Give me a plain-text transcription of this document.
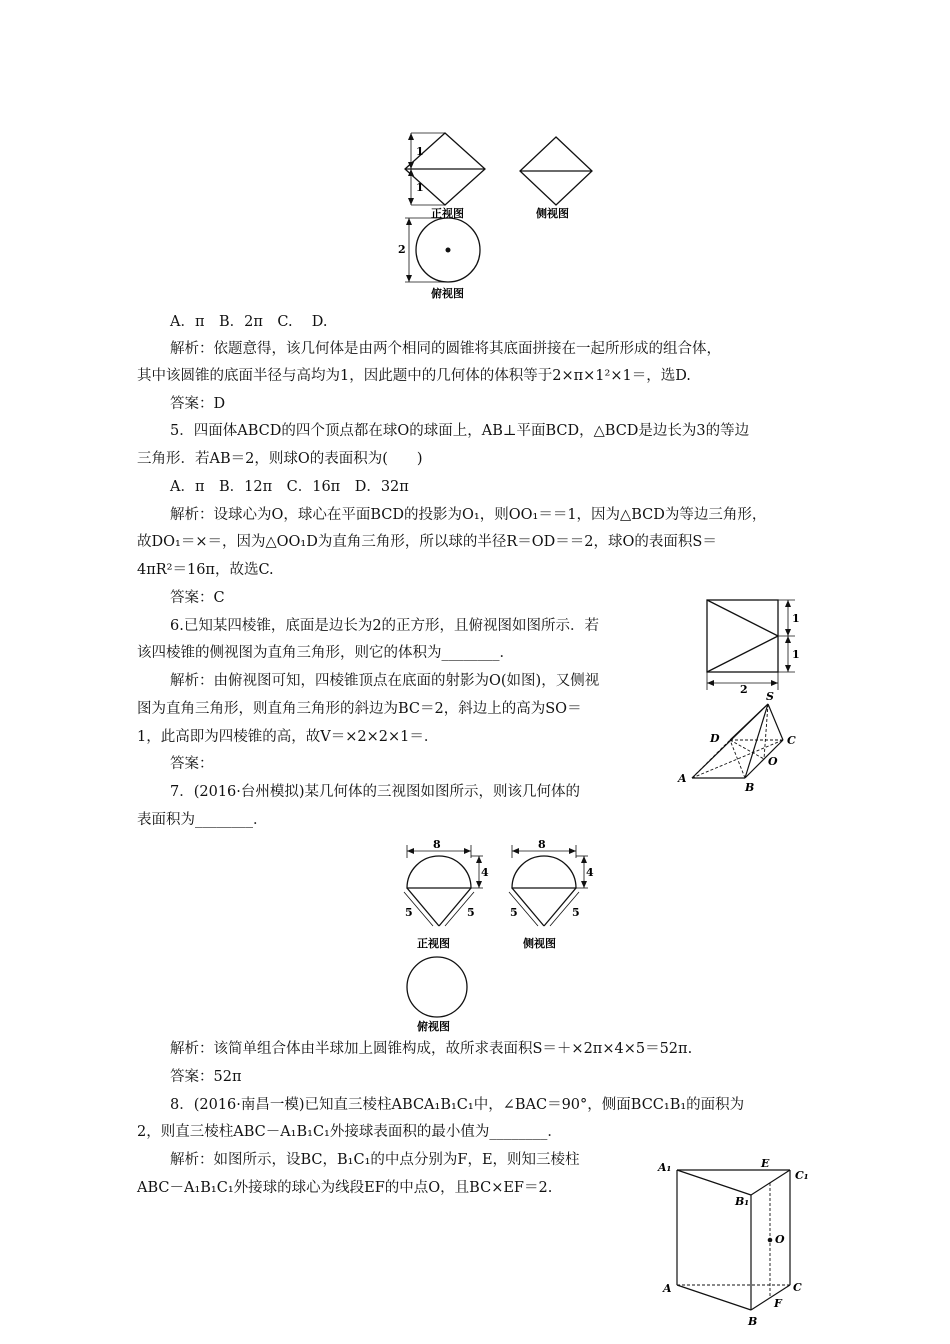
1
1
2
正视图	侧视图
俯视图
A．π　B．2π　C.　 D.
解析：依题意得，该几何体是由两个相同的圆锥将其底面拼接在一起所形成的组合体，
其中该圆锥的底面半径与高均为1，因此题中的几何体的体积等于2×π×1²×1＝，选D.
答案：D
5．四面体ABCD的四个顶点都在球O的球面上，AB⊥平面BCD，△BCD是边长为3的等边
三角形．若AB＝2，则球O的表面积为(　　)
A．π　B．12π　C．16π　D．32π
解析：设球心为O，球心在平面BCD的投影为O₁，则OO₁＝＝1，因为△BCD为等边三角形，
故DO₁＝×＝，因为△OO₁D为直角三角形，所以球的半径R＝OD＝＝2，球O的表面积S＝
4πR²＝16π，故选C.
答案：C
6.已知某四棱锥，底面是边长为2的正方形，且俯视图如图所示．若
该四棱锥的侧视图为直角三角形，则它的体积为________．
解析：由俯视图可知，四棱锥顶点在底面的射影为O(如图)，又侧视
图为直角三角形，则直角三角形的斜边为BC＝2，斜边上的高为SO＝
1，此高即为四棱锥的高，故V＝×2×2×1＝．
答案：
1
1
2
S
D	C
O
A
B
7．(2016·台州模拟)某几何体的三视图如图所示，则该几何体的
表面积为________．
8
4
5	5
8
4
5	5
正视图	侧视图
俯视图
解析：该简单组合体由半球加上圆锥构成，故所求表面积S＝＋×2π×4×5＝52π.
答案：52π
8．(2016·南昌一模)已知直三棱柱ABCA₁B₁C₁中，∠BAC＝90°，侧面BCC₁B₁的面积为
2，则直三棱柱ABC－A₁B₁C₁外接球表面积的最小值为________．
解析：如图所示，设BC，B₁C₁的中点分别为F，E，则知三棱柱
ABC－A₁B₁C₁外接球的球心为线段EF的中点O，且BC×EF＝2.
A₁	E
C₁
B₁
O
A	C
F
B
